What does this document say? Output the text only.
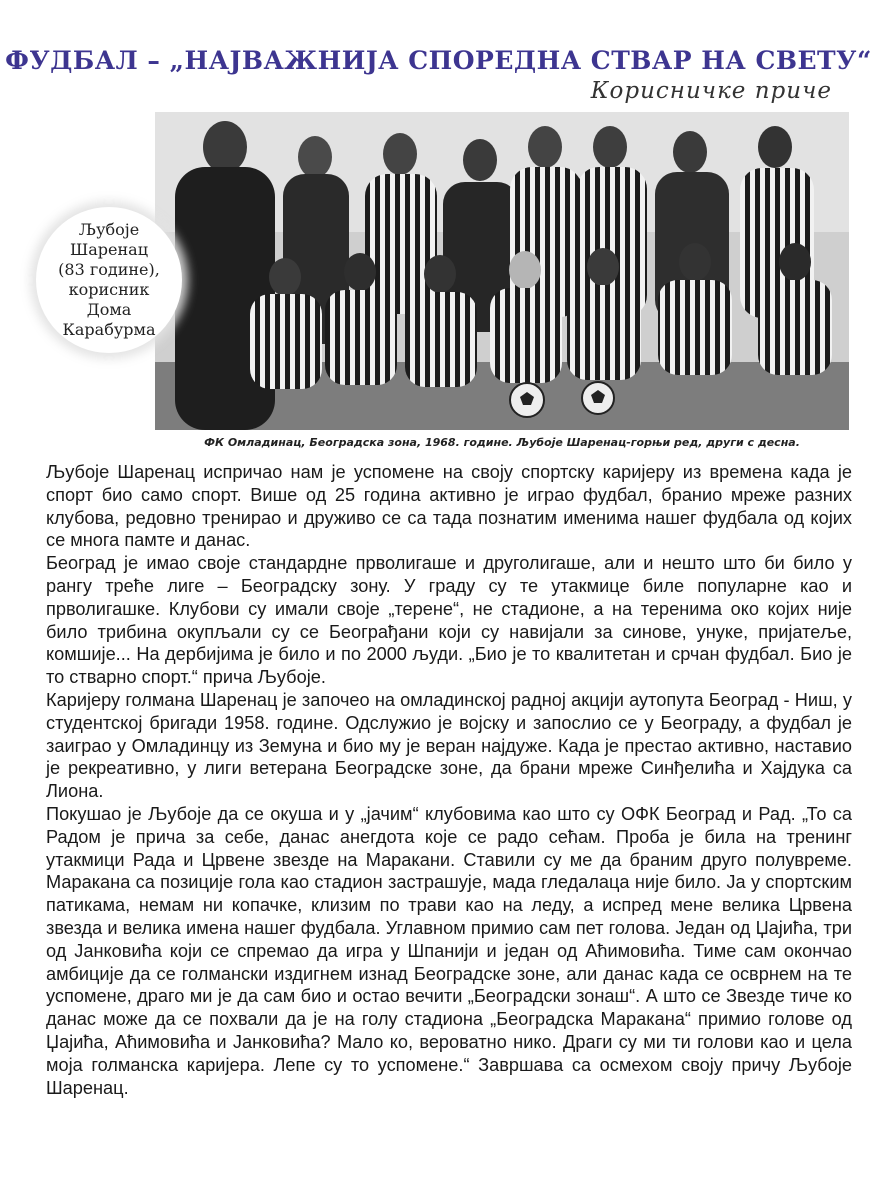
ФУДБАЛ – „НАЈВАЖНИЈА СПОРЕДНА СТВАР НА СВЕТУ“
Корисничке приче
Љубоје Шаренац
(83 године),
корисник
Дома
Карабурма
ФК Омладинац, Београдска зона, 1968. године. Љубоје Шаренац-горњи ред, други с десна.

Љубоје Шаренац испричао нам је успомене на своју спортску каријеру из времена када је спорт био само спорт. Више од 25 година активно је играо фудбал, бранио мреже разних клубова, редовно тренирао и друживо се са тада познатим именима нашег фудбала од којих се многа памте и данас.

Београд је имао своје стандардне прволигаше и друголигаше, али и нешто што би било у рангу треће лиге – Београдску зону. У граду су те утакмице биле популарне као и прволигашке. Клубови су имали своје „терене“, не стадионе, а на теренима око којих није било трибина окупљали су се Београђани који су навијали за синове, унуке, пријатеље, комшије... На дербијима је било и по 2000 људи. „Био је то квалитетан и срчан фудбал. Био је то стварно спорт.“ прича Љубоје.

Каријеру голмана Шаренац је започео на омладинској радној акцији аутопута Београд - Ниш, у студентској бригади 1958. године. Одслужио је војску и запослио се у Београду, а фудбал је заиграо у Омладинцу из Земуна и био му је веран најдуже. Када је престао активно, наставио је рекреативно, у лиги ветерана Београдске зоне, да брани мреже Синђелића и Хајдука са Лиона.

Покушао је Љубоје да се окуша и у „јачим“ клубовима као што су ОФК Београд и Рад. „То са Радом је прича за себе, данас анегдота које се радо сећам. Проба је била на тренинг утакмици Рада и Црвене звезде на Маракани. Ставили су ме да браним друго полувреме. Маракана са позиције гола као стадион застрашује, мада гледалаца није било. Ја у спортским патикама, немам ни копачке, клизим по трави као на леду, а испред мене велика Црвена звезда и велика имена нашег фудбала. Углавном примио сам пет голова. Један од Џајића, три од Јанковића који се спремао да игра у Шпанији и један од Аћимовића. Тиме сам окончао амбиције да се голмански издигнем изнад Београдске зоне, али данас када се осврнем на те успомене, драго ми је да сам био и остао вечити „Београдски зонаш“. А што се Звезде тиче ко данас може да се похвали да је на голу стадиона „Београдска Маракана“ примио голове од Џајића, Аћимовића и Јанковића? Мало ко, вероватно нико. Драги су ми ти голови као и цела моја голманска каријера. Лепе су то успомене.“ Завршава са осмехом своју причу Љубоје Шаренац.
